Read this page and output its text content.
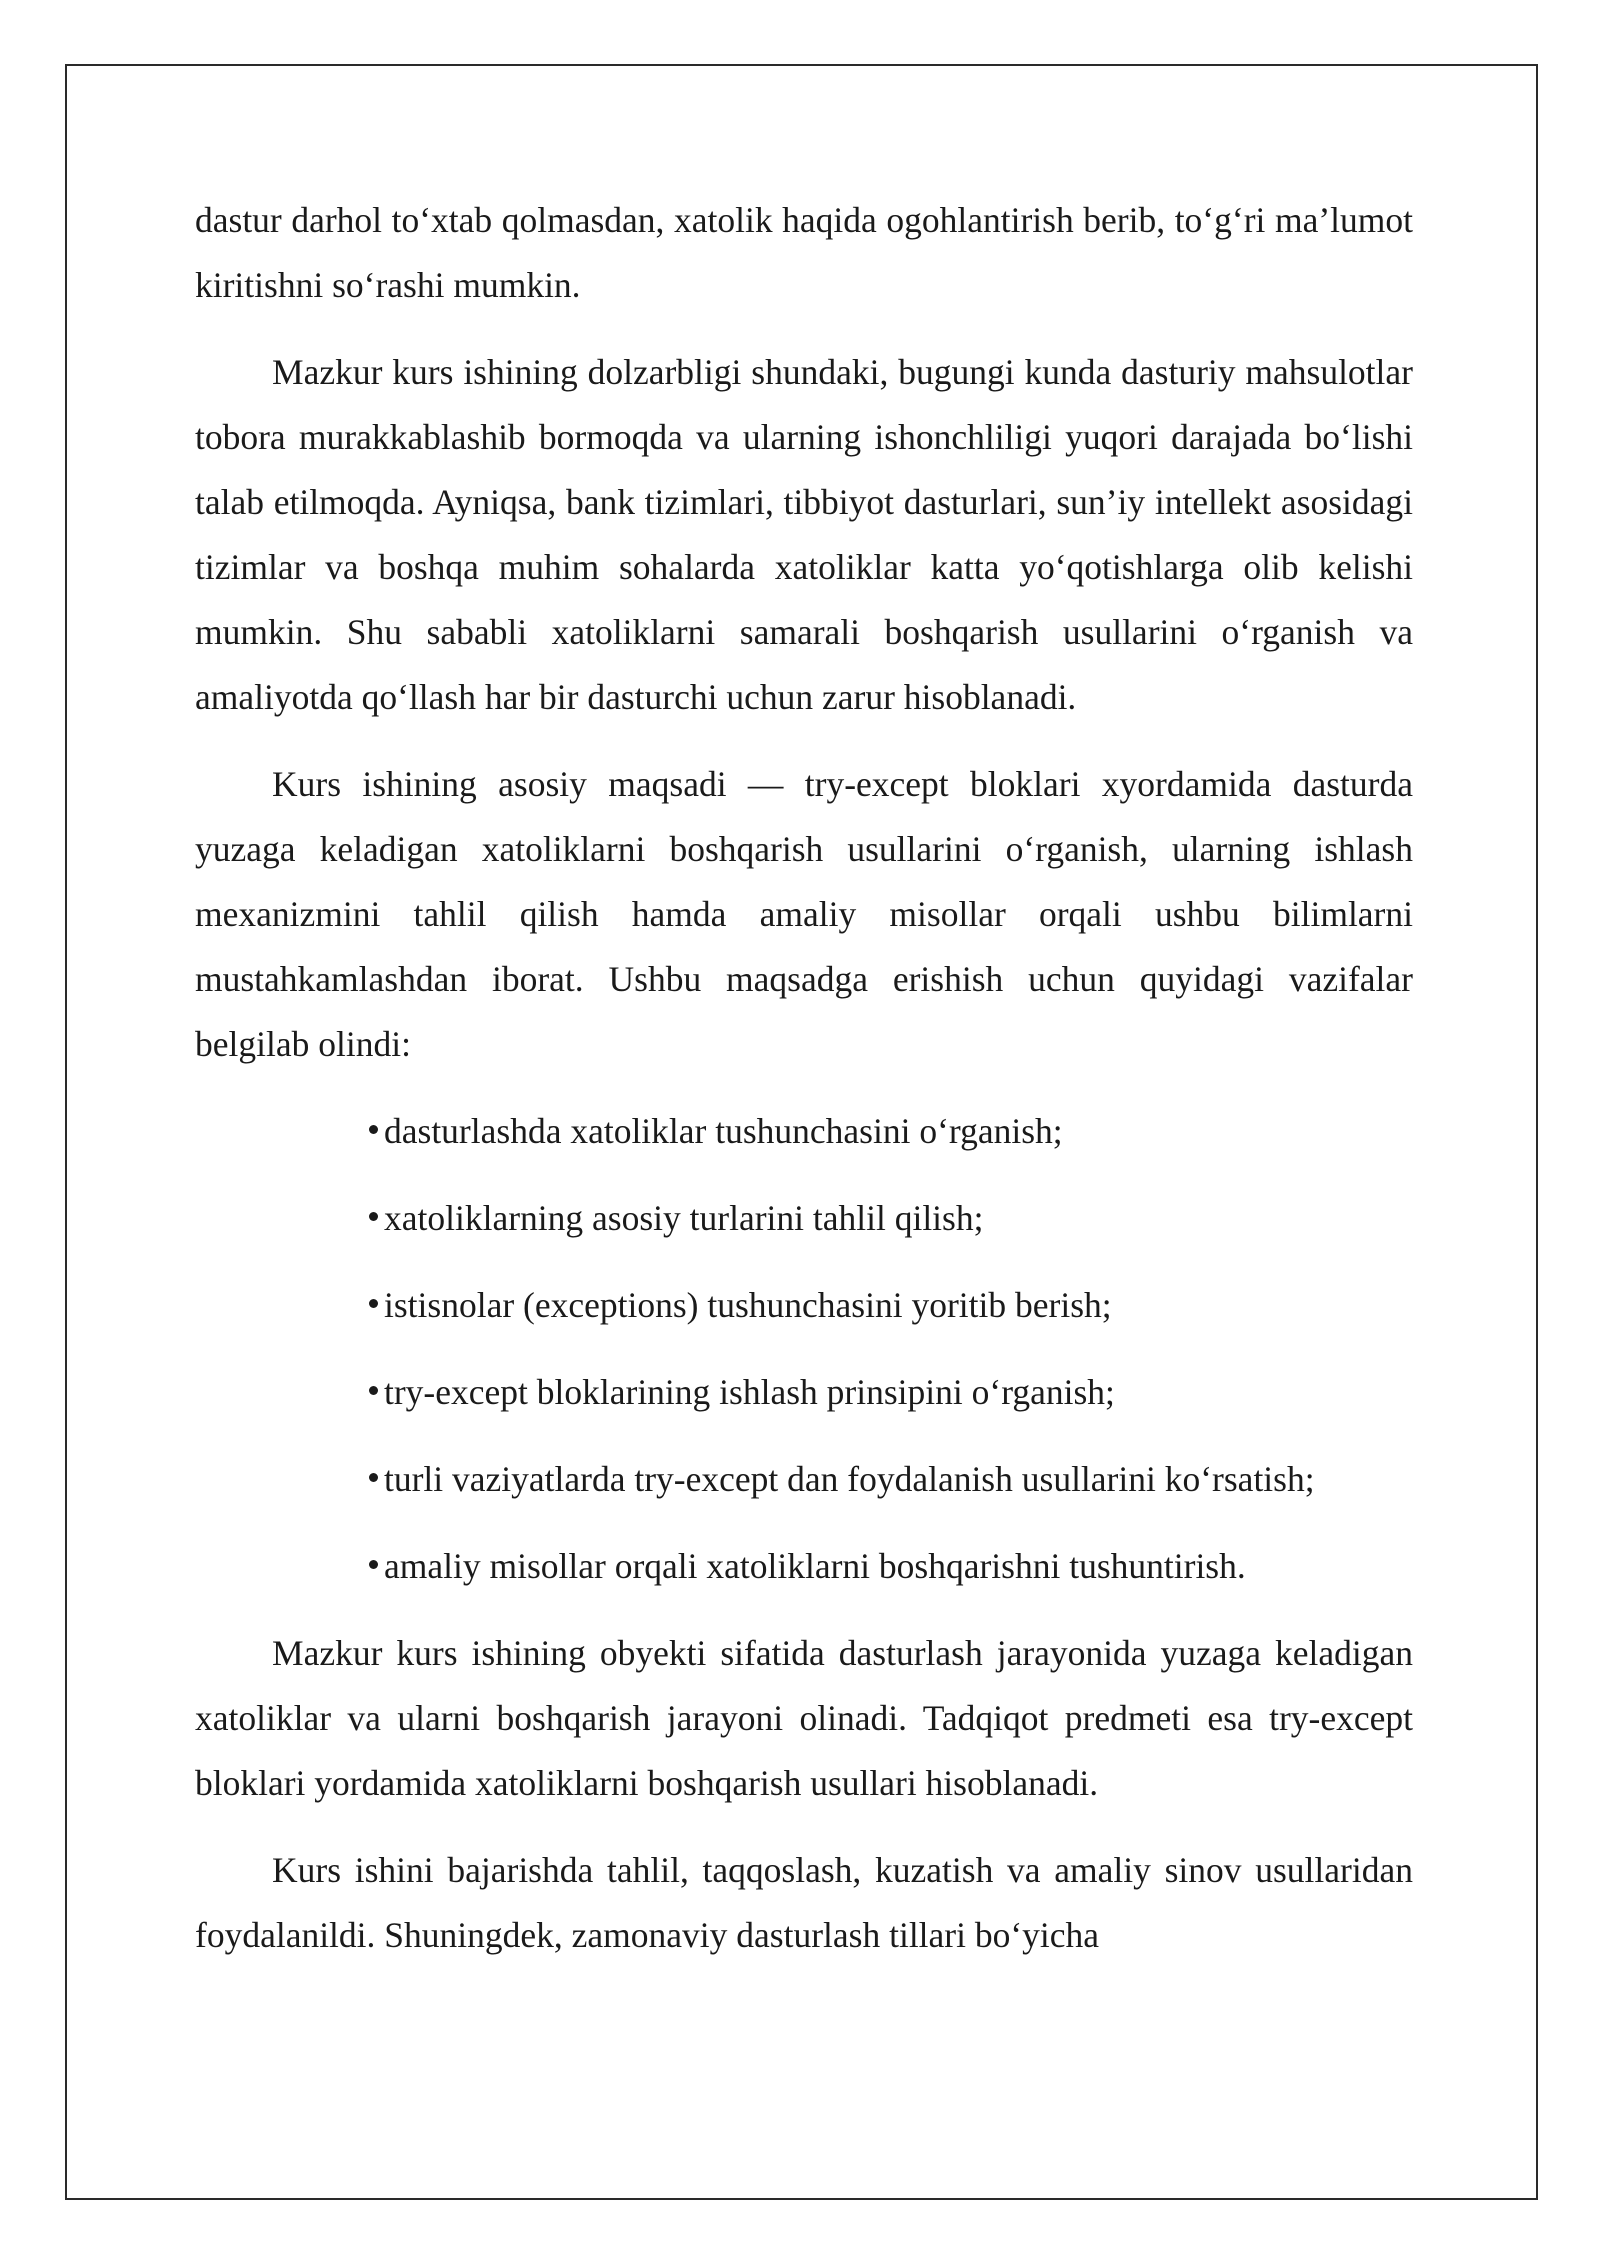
dastur darhol to‘xtab qolmasdan, xatolik haqida ogohlantirish berib, to‘g‘ri ma’lumot kiritishni so‘rashi mumkin.

Mazkur kurs ishining dolzarbligi shundaki, bugungi kunda dasturiy mahsulotlar tobora murakkablashib bormoqda va ularning ishonchliligi yuqori darajada bo‘lishi talab etilmoqda. Ayniqsa, bank tizimlari, tibbiyot dasturlari, sun’iy intellekt asosidagi tizimlar va boshqa muhim sohalarda xatoliklar katta yo‘qotishlarga olib kelishi mumkin. Shu sababli xatoliklarni samarali boshqarish usullarini o‘rganish va amaliyotda qo‘llash har bir dasturchi uchun zarur hisoblanadi.

Kurs ishining asosiy maqsadi — try-except bloklari xyordamida dasturda yuzaga keladigan xatoliklarni boshqarish usullarini o‘rganish, ularning ishlash mexanizmini tahlil qilish hamda amaliy misollar orqali ushbu bilimlarni mustahkamlashdan iborat. Ushbu maqsadga erishish uchun quyidagi vazifalar belgilab olindi:

dasturlashda xatoliklar tushunchasini o‘rganish;
xatoliklarning asosiy turlarini tahlil qilish;
istisnolar (exceptions) tushunchasini yoritib berish;
try-except bloklarining ishlash prinsipini o‘rganish;
turli vaziyatlarda try-except dan foydalanish usullarini ko‘rsatish;
amaliy misollar orqali xatoliklarni boshqarishni tushuntirish.

Mazkur kurs ishining obyekti sifatida dasturlash jarayonida yuzaga keladigan xatoliklar va ularni boshqarish jarayoni olinadi. Tadqiqot predmeti esa try-except bloklari yordamida xatoliklarni boshqarish usullari hisoblanadi.

Kurs ishini bajarishda tahlil, taqqoslash, kuzatish va amaliy sinov usullaridan foydalanildi. Shuningdek, zamonaviy dasturlash tillari bo‘yicha
